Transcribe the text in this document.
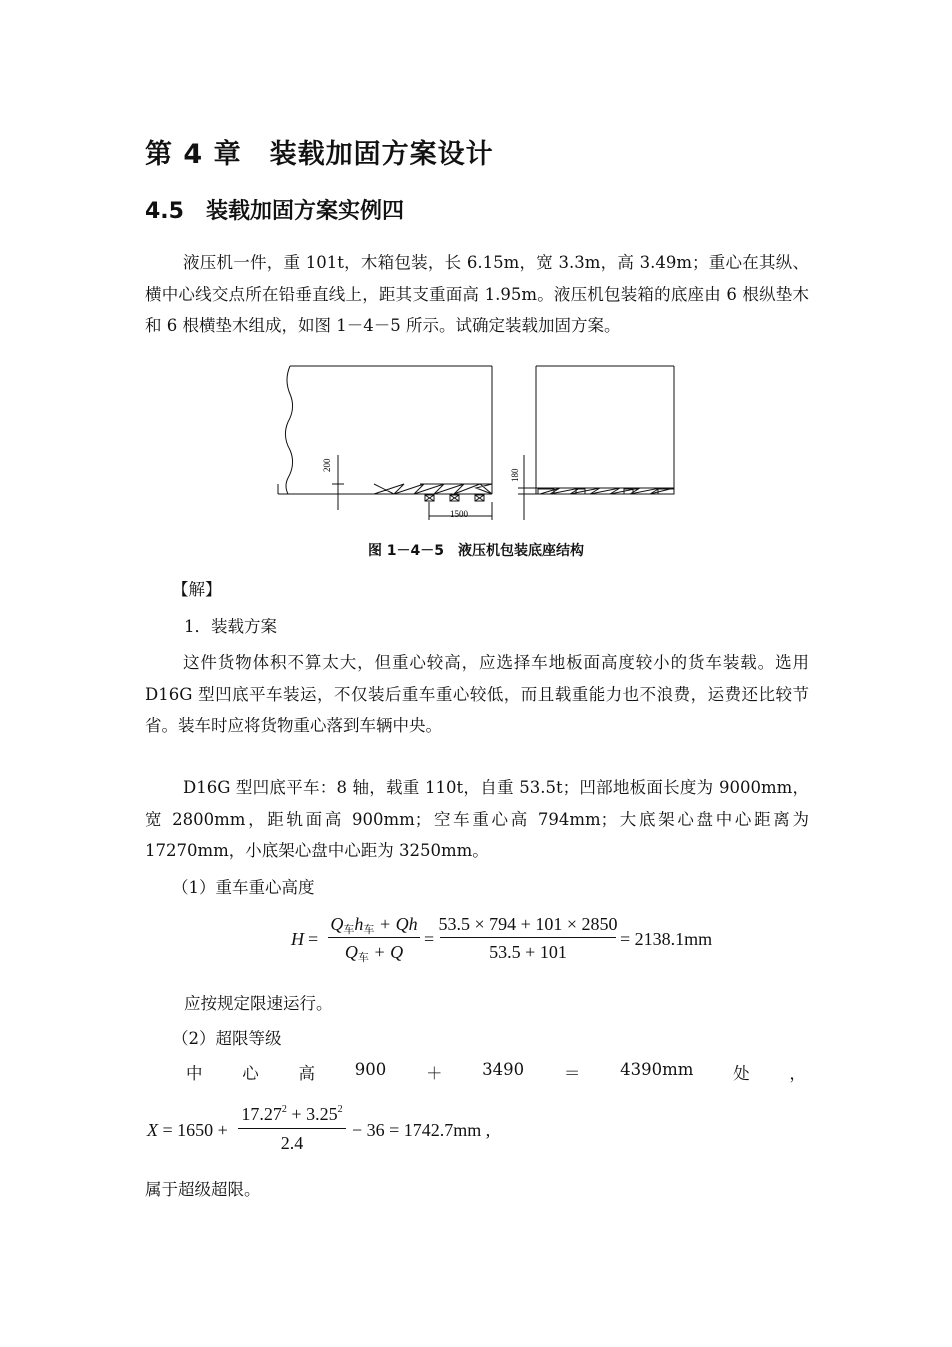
第 4 章　装载加固方案设计
4.5　装载加固方案实例四
液压机一件，重 101t，木箱包装，长 6.15m，宽 3.3m，高 3.49m；重心在其纵、横中心线交点所在铅垂直线上，距其支重面高 1.95m。液压机包装箱的底座由 6 根纵垫木和 6 根横垫木组成，如图 1－4－5 所示。试确定装载加固方案。
200
1500
180
图 1－4－5　液压机包装底座结构
【解】
1．装载方案
这件货物体积不算太大，但重心较高，应选择车地板面高度较小的货车装载。选用 D16G 型凹底平车装运，不仅装后重车重心较低，而且载重能力也不浪费，运费还比较节省。装车时应将货物重心落到车辆中央。
D16G 型凹底平车：8 轴，载重 110t，自重 53.5t；凹部地板面长度为 9000mm，宽 2800mm，距轨面高 900mm；空车重心高 794mm；大底架心盘中心距离为 17270mm，小底架心盘中心距为 3250mm。
（1）重车重心高度
H =
$Q_车h_车 + Qh$
$Q_车 + Q$
=
53.5 × 794 + 101 × 2850
53.5 + 101
= 2138.1mm
应按规定限速运行。
（2）超限等级
中 心 高 900 ＋ 3490 ＝ 4390mm 处 ，
X = 1650 +
$17.27^2 + 3.25^2$
2.4
− 36 = 1742.7mm ,
属于超级超限。
